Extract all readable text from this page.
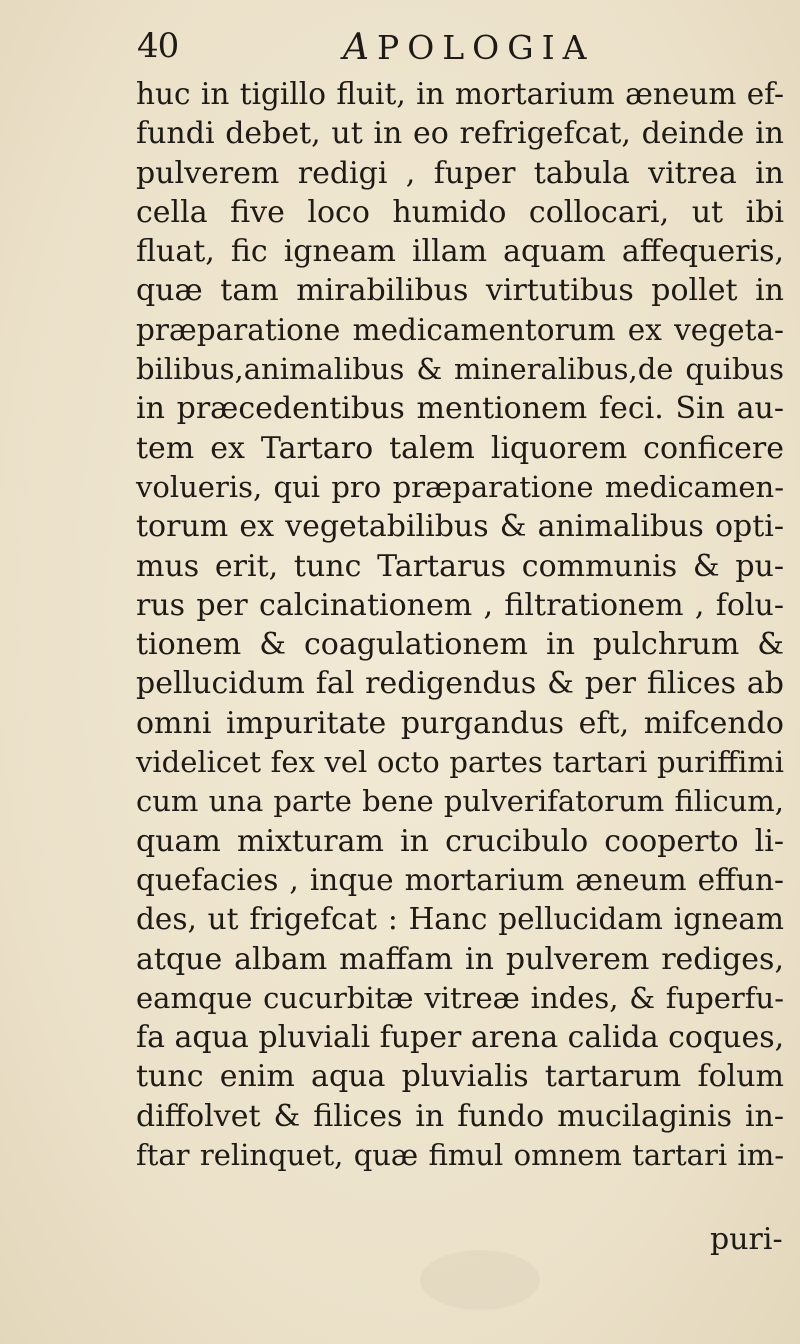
40	APOLOGIA
huc in tigillo fluit, in mortarium æneum ef-
fundi debet, ut in eo refrigefcat, deinde in
pulverem redigi , fuper tabula vitrea in
cella five loco humido collocari, ut ibi
fluat, fic igneam illam aquam affequeris,
quæ tam mirabilibus virtutibus pollet in
præparatione medicamentorum ex vegeta-
bilibus,animalibus & mineralibus,de quibus
in præcedentibus mentionem feci. Sin au-
tem ex Tartaro talem liquorem conficere
volueris, qui pro præparatione medicamen-
torum ex vegetabilibus & animalibus opti-
mus erit, tunc Tartarus communis & pu-
rus per calcinationem , filtrationem , folu-
tionem & coagulationem in pulchrum &
pellucidum fal redigendus & per filices ab
omni impuritate purgandus eft, mifcendo
videlicet fex vel octo partes tartari puriffimi
cum una parte bene pulverifatorum filicum,
quam mixturam in crucibulo cooperto li-
quefacies , inque mortarium æneum effun-
des, ut frigefcat : Hanc pellucidam igneam
atque albam maffam in pulverem rediges,
eamque cucurbitæ vitreæ indes, & fuperfu-
fa aqua pluviali fuper arena calida coques,
tunc enim aqua pluvialis tartarum folum
diffolvet & filices in fundo mucilaginis in-
ftar relinquet, quæ fimul omnem tartari im-
puri-
